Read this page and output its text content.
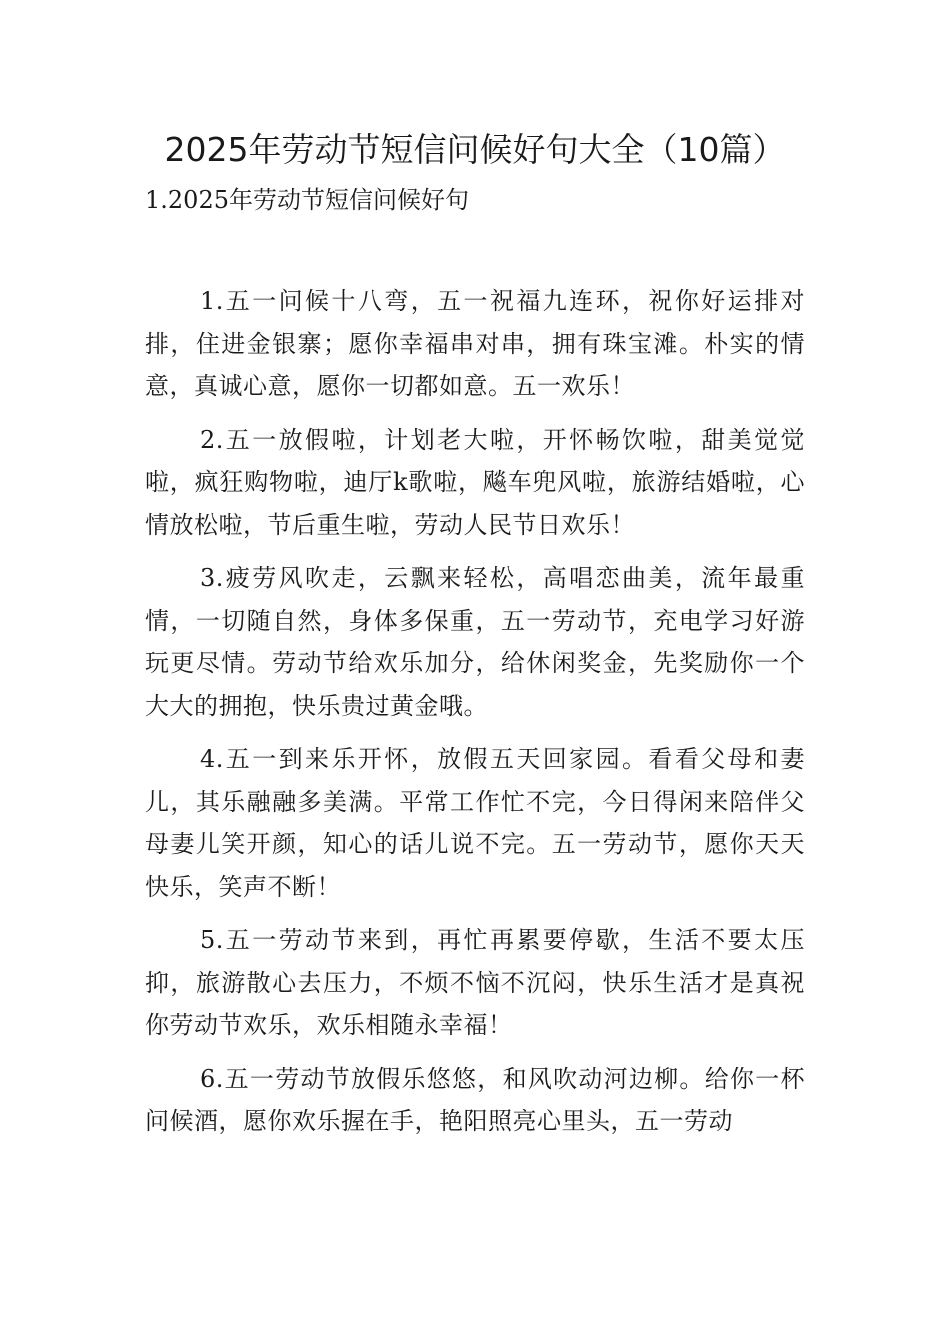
2025年劳动节短信问候好句大全（10篇）
1.2025年劳动节短信问候好句

1.五一问候十八弯，五一祝福九连环，祝你好运排对排，住进金银寨；愿你幸福串对串，拥有珠宝滩。朴实的情意，真诚心意，愿你一切都如意。五一欢乐！

2.五一放假啦，计划老大啦，开怀畅饮啦，甜美觉觉啦，疯狂购物啦，迪厅k歌啦，飚车兜风啦，旅游结婚啦，心情放松啦，节后重生啦，劳动人民节日欢乐！

3.疲劳风吹走，云飘来轻松，高唱恋曲美，流年最重情，一切随自然，身体多保重，五一劳动节，充电学习好游玩更尽情。劳动节给欢乐加分，给休闲奖金，先奖励你一个大大的拥抱，快乐贵过黄金哦。

4.五一到来乐开怀，放假五天回家园。看看父母和妻儿，其乐融融多美满。平常工作忙不完，今日得闲来陪伴父母妻儿笑开颜，知心的话儿说不完。五一劳动节，愿你天天快乐，笑声不断！

5.五一劳动节来到，再忙再累要停歇，生活不要太压抑，旅游散心去压力，不烦不恼不沉闷，快乐生活才是真祝你劳动节欢乐，欢乐相随永幸福！

6.五一劳动节放假乐悠悠，和风吹动河边柳。给你一杯问候酒，愿你欢乐握在手，艳阳照亮心里头，五一劳动
